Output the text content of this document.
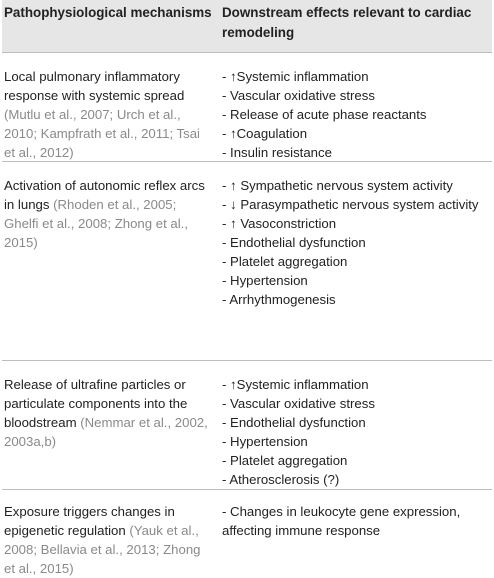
Pathophysiological mechanisms Downstream effects relevant to cardiac remodeling
Local pulmonary inflammatory response with systemic spread (Mutlu et al., 2007; Urch et al., 2010; Kampfrath et al., 2011; Tsai et al., 2012)
- ↑Systemic inflammation
- Vascular oxidative stress
- Release of acute phase reactants
- ↑Coagulation
- Insulin resistance
Activation of autonomic reflex arcs in lungs (Rhoden et al., 2005; Ghelfi et al., 2008; Zhong et al., 2015)
- ↑ Sympathetic nervous system activity
- ↓ Parasympathetic nervous system activity
- ↑ Vasoconstriction
- Endothelial dysfunction
- Platelet aggregation
- Hypertension
- Arrhythmogenesis
Release of ultrafine particles or particulate components into the bloodstream (Nemmar et al., 2002, 2003a,b)
- ↑Systemic inflammation
- Vascular oxidative stress
- Endothelial dysfunction
- Hypertension
- Platelet aggregation
- Atherosclerosis (?)
Exposure triggers changes in epigenetic regulation (Yauk et al., 2008; Bellavia et al., 2013; Zhong et al., 2015)
- Changes in leukocyte gene expression, affecting immune response
